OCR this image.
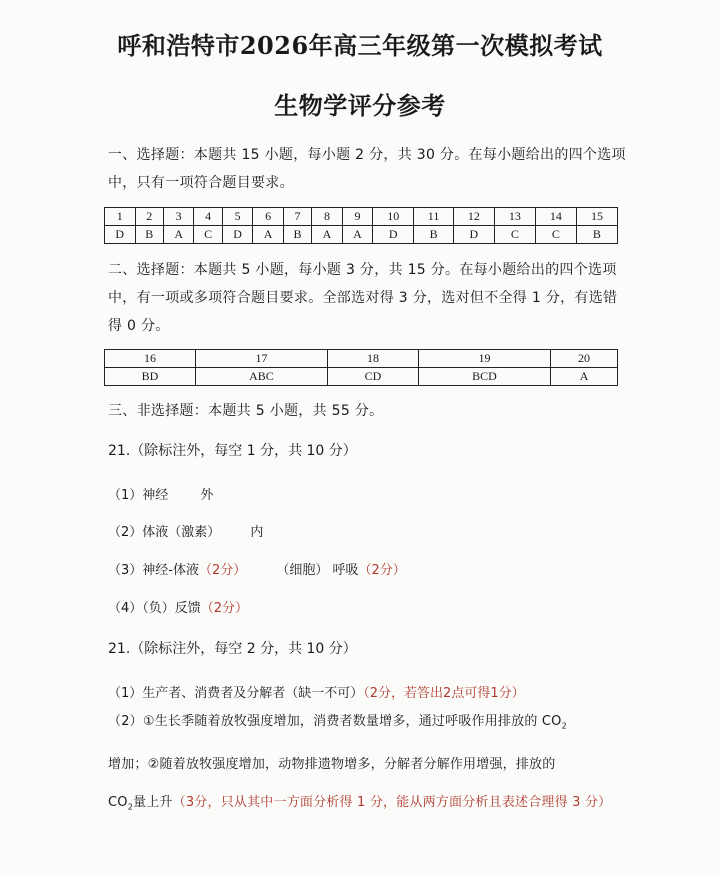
呼和浩特市2026年高三年级第一次模拟考试
生物学评分参考

一、选择题：本题共 15 小题，每小题 2 分，共 30 分。在每小题给出的四个选项中，只有一项符合题目要求。

1	2	3	4	5	6	7	8	9	10	11	12	13	14	15
D	B	A	C	D	A	B	A	A	D	B	D	C	C	B

二、选择题：本题共 5 小题，每小题 3 分，共 15 分。在每小题给出的四个选项中，有一项或多项符合题目要求。全部选对得 3 分，选对但不全得 1 分，有选错得 0 分。

16	17	18	19	20
BD	ABC	CD	BCD	A

三、非选择题：本题共 5 小题，共 55 分。

21.（除标注外，每空 1 分，共 10 分）

（1）神经 外

（2）体液（激素） 内

（3）神经-体液（2分） （细胞） 呼吸（2分）

（4）（负）反馈（2分）

21.（除标注外，每空 2 分，共 10 分）

（1）生产者、消费者及分解者（缺一不可）（2分，若答出2点可得1分）

（2）①生长季随着放牧强度增加，消费者数量增多，通过呼吸作用排放的 $CO_2$
增加；②随着放牧强度增加，动物排遗物增多，分解者分解作用增强，排放的
$CO_2$量上升（3分，只从其中一方面分析得 1 分，能从两方面分析且表述合理得 3 分）
